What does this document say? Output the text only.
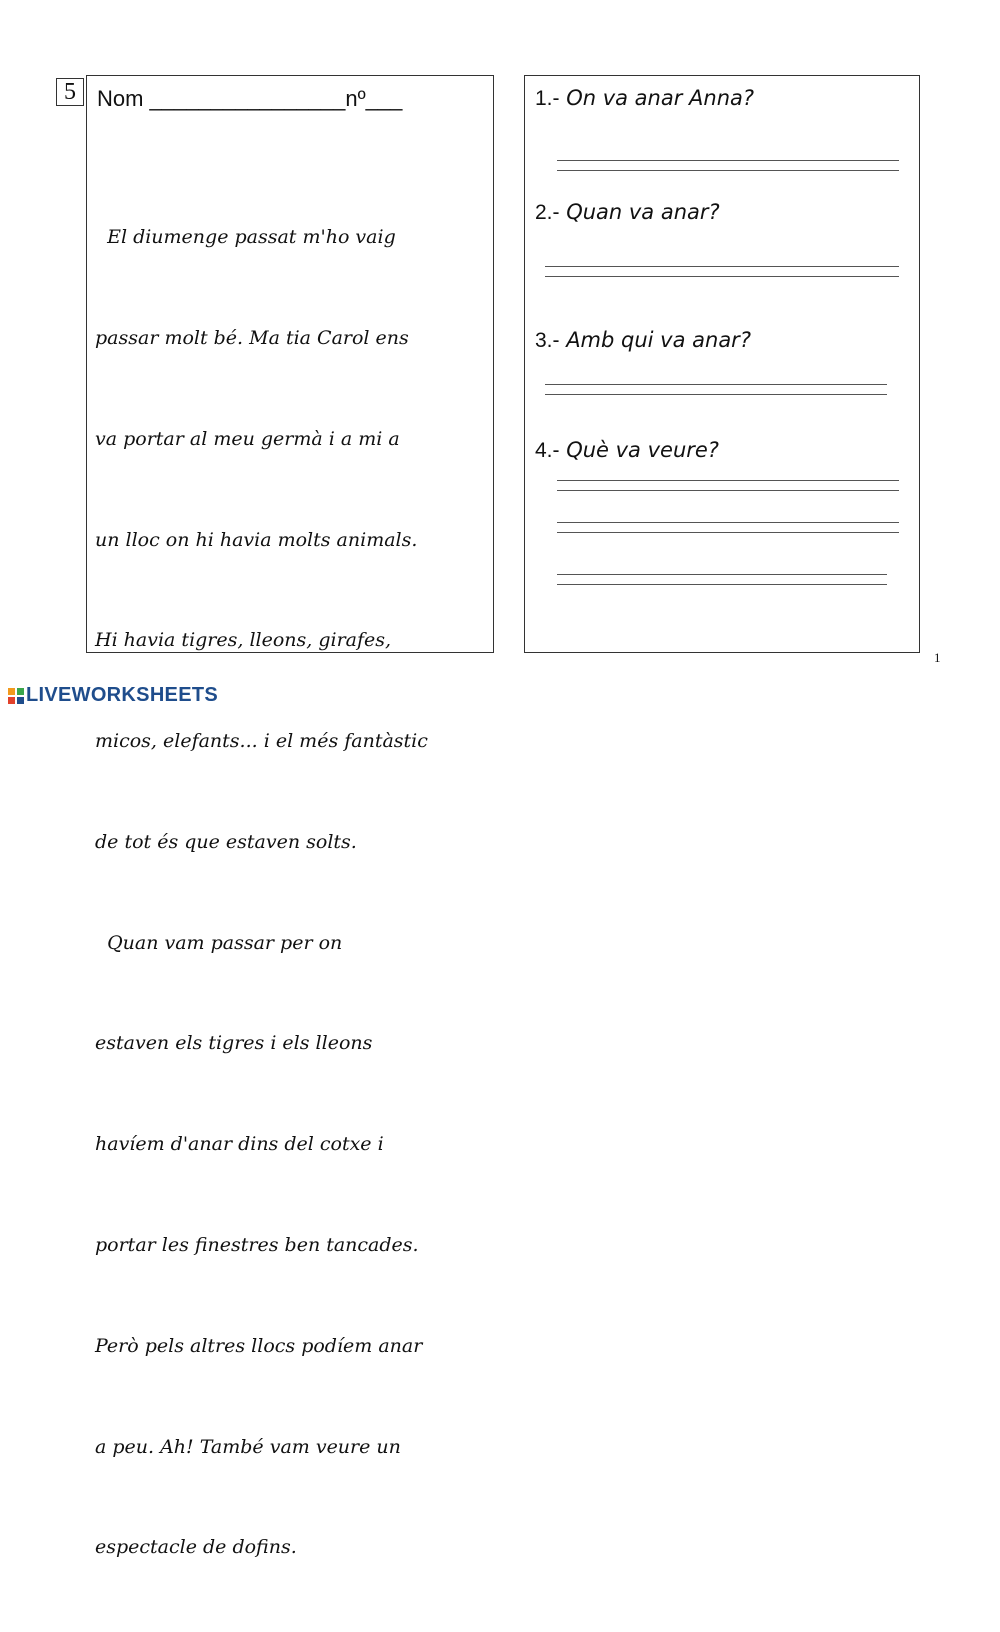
5 Nom ________________nº___

El diumenge passat m'ho vaig

passar molt bé. Ma tia Carol ens

va portar al meu germà i a mi a

un lloc on hi havia molts animals.

Hi havia tigres, lleons, girafes,

micos, elefants... i el més fantàstic

de tot és que estaven solts.

Quan vam passar per on

estaven els tigres i els lleons

havíem d'anar dins del cotxe i

portar les finestres ben tancades.

Però pels altres llocs podíem anar

a peu. Ah! També vam veure un

espectacle de dofins.

1.- On va anar Anna?
2.- Quan va anar?
3.- Amb qui va anar?
4.- Què va veure?
1
LIVEWORKSHEETS
